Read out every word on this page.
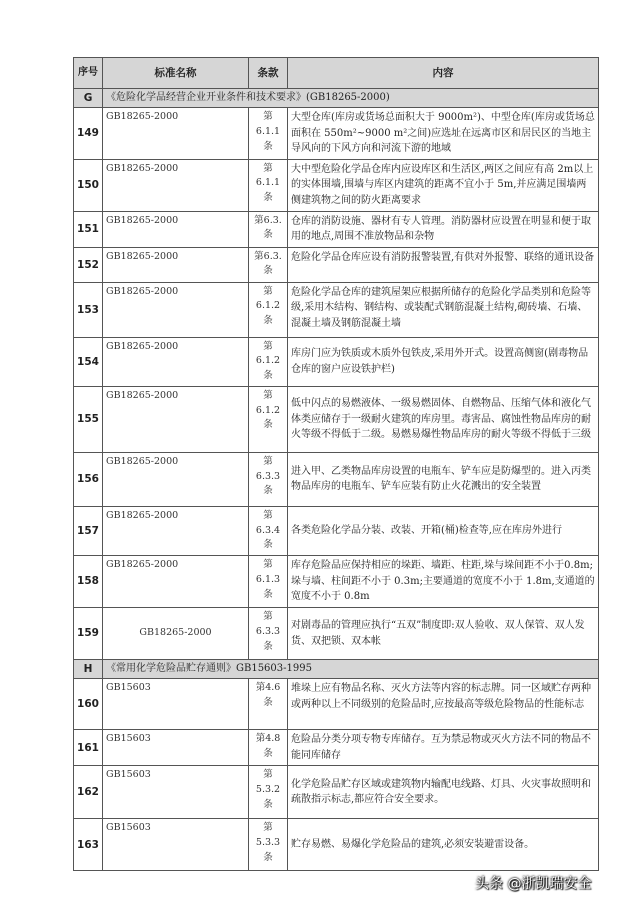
序号	标准名称	条款	内容
G	《危险化学品经营企业开业条件和技术要求》(GB18265-2000)		
149	GB18265-2000	第6.1.1条	大型仓库(库房或货场总面积大于 9000m²)、中型仓库(库房或货场总面积在 550m²~9000 m²之间)应选址在远离市区和居民区的当地主导风向的下风方向和河流下游的地域
150	GB18265-2000	第6.1.1条	大中型危险化学品仓库内应设库区和生活区,两区之间应有高 2m以上的实体围墙,围墙与库区内建筑的距离不宜小于 5m,并应满足围墙两侧建筑物之间的防火距离要求
151	GB18265-2000	第6.3.条	仓库的消防设施、器材有专人管理。消防器材应设置在明显和便于取用的地点,周围不准放物品和杂物
152	GB18265-2000	第6.3.条	危险化学品仓库应设有消防报警装置,有供对外报警、联络的通讯设备
153	GB18265-2000	第6.1.2条	危险化学品仓库的建筑屋架应根据所储存的危险化学品类别和危险等级,采用木结构、钢结构、或装配式钢筋混凝土结构,砌砖墙、石墙、混凝土墙及钢筋混凝土墙
154	GB18265-2000	第6.1.2条	库房门应为铁质或木质外包铁皮,采用外开式。设置高侧窗(剧毒物品仓库的窗户应设铁护栏)
155	GB18265-2000	第6.1.2条	低中闪点的易燃液体、一级易燃固体、自燃物品、压缩气体和液化气体类应储存于一级耐火建筑的库房里。毒害品、腐蚀性物品库房的耐火等级不得低于二级。易燃易爆性物品库房的耐火等级不得低于三级
156	GB18265-2000	第6.3.3条	进入甲、乙类物品库房设置的电瓶车、铲车应是防爆型的。进入丙类物品库房的电瓶车、铲车应装有防止火花溅出的安全装置
157	GB18265-2000	第6.3.4条	各类危险化学品分装、改装、开箱(桶)检查等,应在库房外进行
158	GB18265-2000	第6.1.3条	库存危险品应保持相应的垛距、墙距、柱距,垛与垛间距不小于0.8m;垛与墙、柱间距不小于 0.3m;主要通道的宽度不小于 1.8m,支通道的宽度不小于 0.8m
159	GB18265-2000	第6.3.3条	对剧毒品的管理应执行“五双”制度即:双人验收、双人保管、双人发货、双把锁、双本帐
H	《常用化学危险品贮存通则》GB15603-1995		
160	GB15603	第4.6条	堆垛上应有物品名称、灭火方法等内容的标志牌。同一区域贮存两种或两种以上不同级别的危险品时,应按最高等级危险物品的性能标志
161	GB15603	第4.8条	危险品分类分项专物专库储存。互为禁忌物或灭火方法不同的物品不能同库储存
162	GB15603	第5.3.2条	化学危险品贮存区域或建筑物内输配电线路、灯具、火灾事故照明和疏散指示标志,都应符合安全要求。
163	GB15603	第5.3.3条	贮存易燃、易爆化学危险品的建筑,必须安装避雷设备。
头条 @浙凯瑞安全
